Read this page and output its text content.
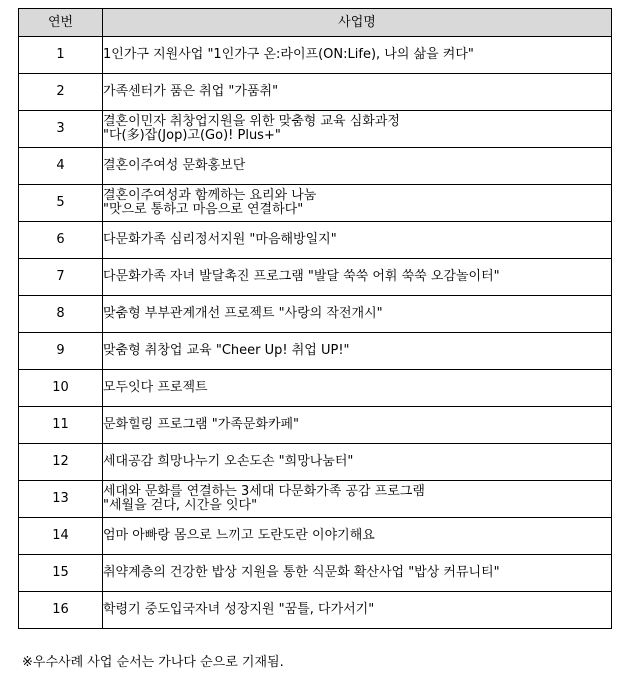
연번	사업명
1	1인가구 지원사업 "1인가구 온:라이프(ON:Life), 나의 삶을 켜다"
2	가족센터가 품은 취업 "가품취"
3	결혼이민자 취창업지원을 위한 맞춤형 교육 심화과정
"다(多)잡(Jop)고(Go)! Plus+"
4	결혼이주여성 문화홍보단
5	결혼이주여성과 함께하는 요리와 나눔
"맛으로 통하고 마음으로 연결하다"
6	다문화가족 심리정서지원 "마음해방일지"
7	다문화가족 자녀 발달촉진 프로그램 "발달 쑥쑥 어휘 쑥쑥 오감놀이터"
8	맞춤형 부부관계개선 프로젝트 "사랑의 작전개시"
9	맞춤형 취창업 교육 "Cheer Up! 취업 UP!"
10	모두잇다 프로젝트
11	문화힐링 프로그램 "가족문화카페"
12	세대공감 희망나누기 오손도손 "희망나눔터"
13	세대와 문화를 연결하는 3세대 다문화가족 공감 프로그램
"세월을 걷다, 시간을 잇다"
14	엄마 아빠랑 몸으로 느끼고 도란도란 이야기해요
15	취약계층의 건강한 밥상 지원을 통한 식문화 확산사업 "밥상 커뮤니티"
16	학령기 중도입국자녀 성장지원 "꿈틀, 다가서기"
※우수사례 사업 순서는 가나다 순으로 기재됨.
